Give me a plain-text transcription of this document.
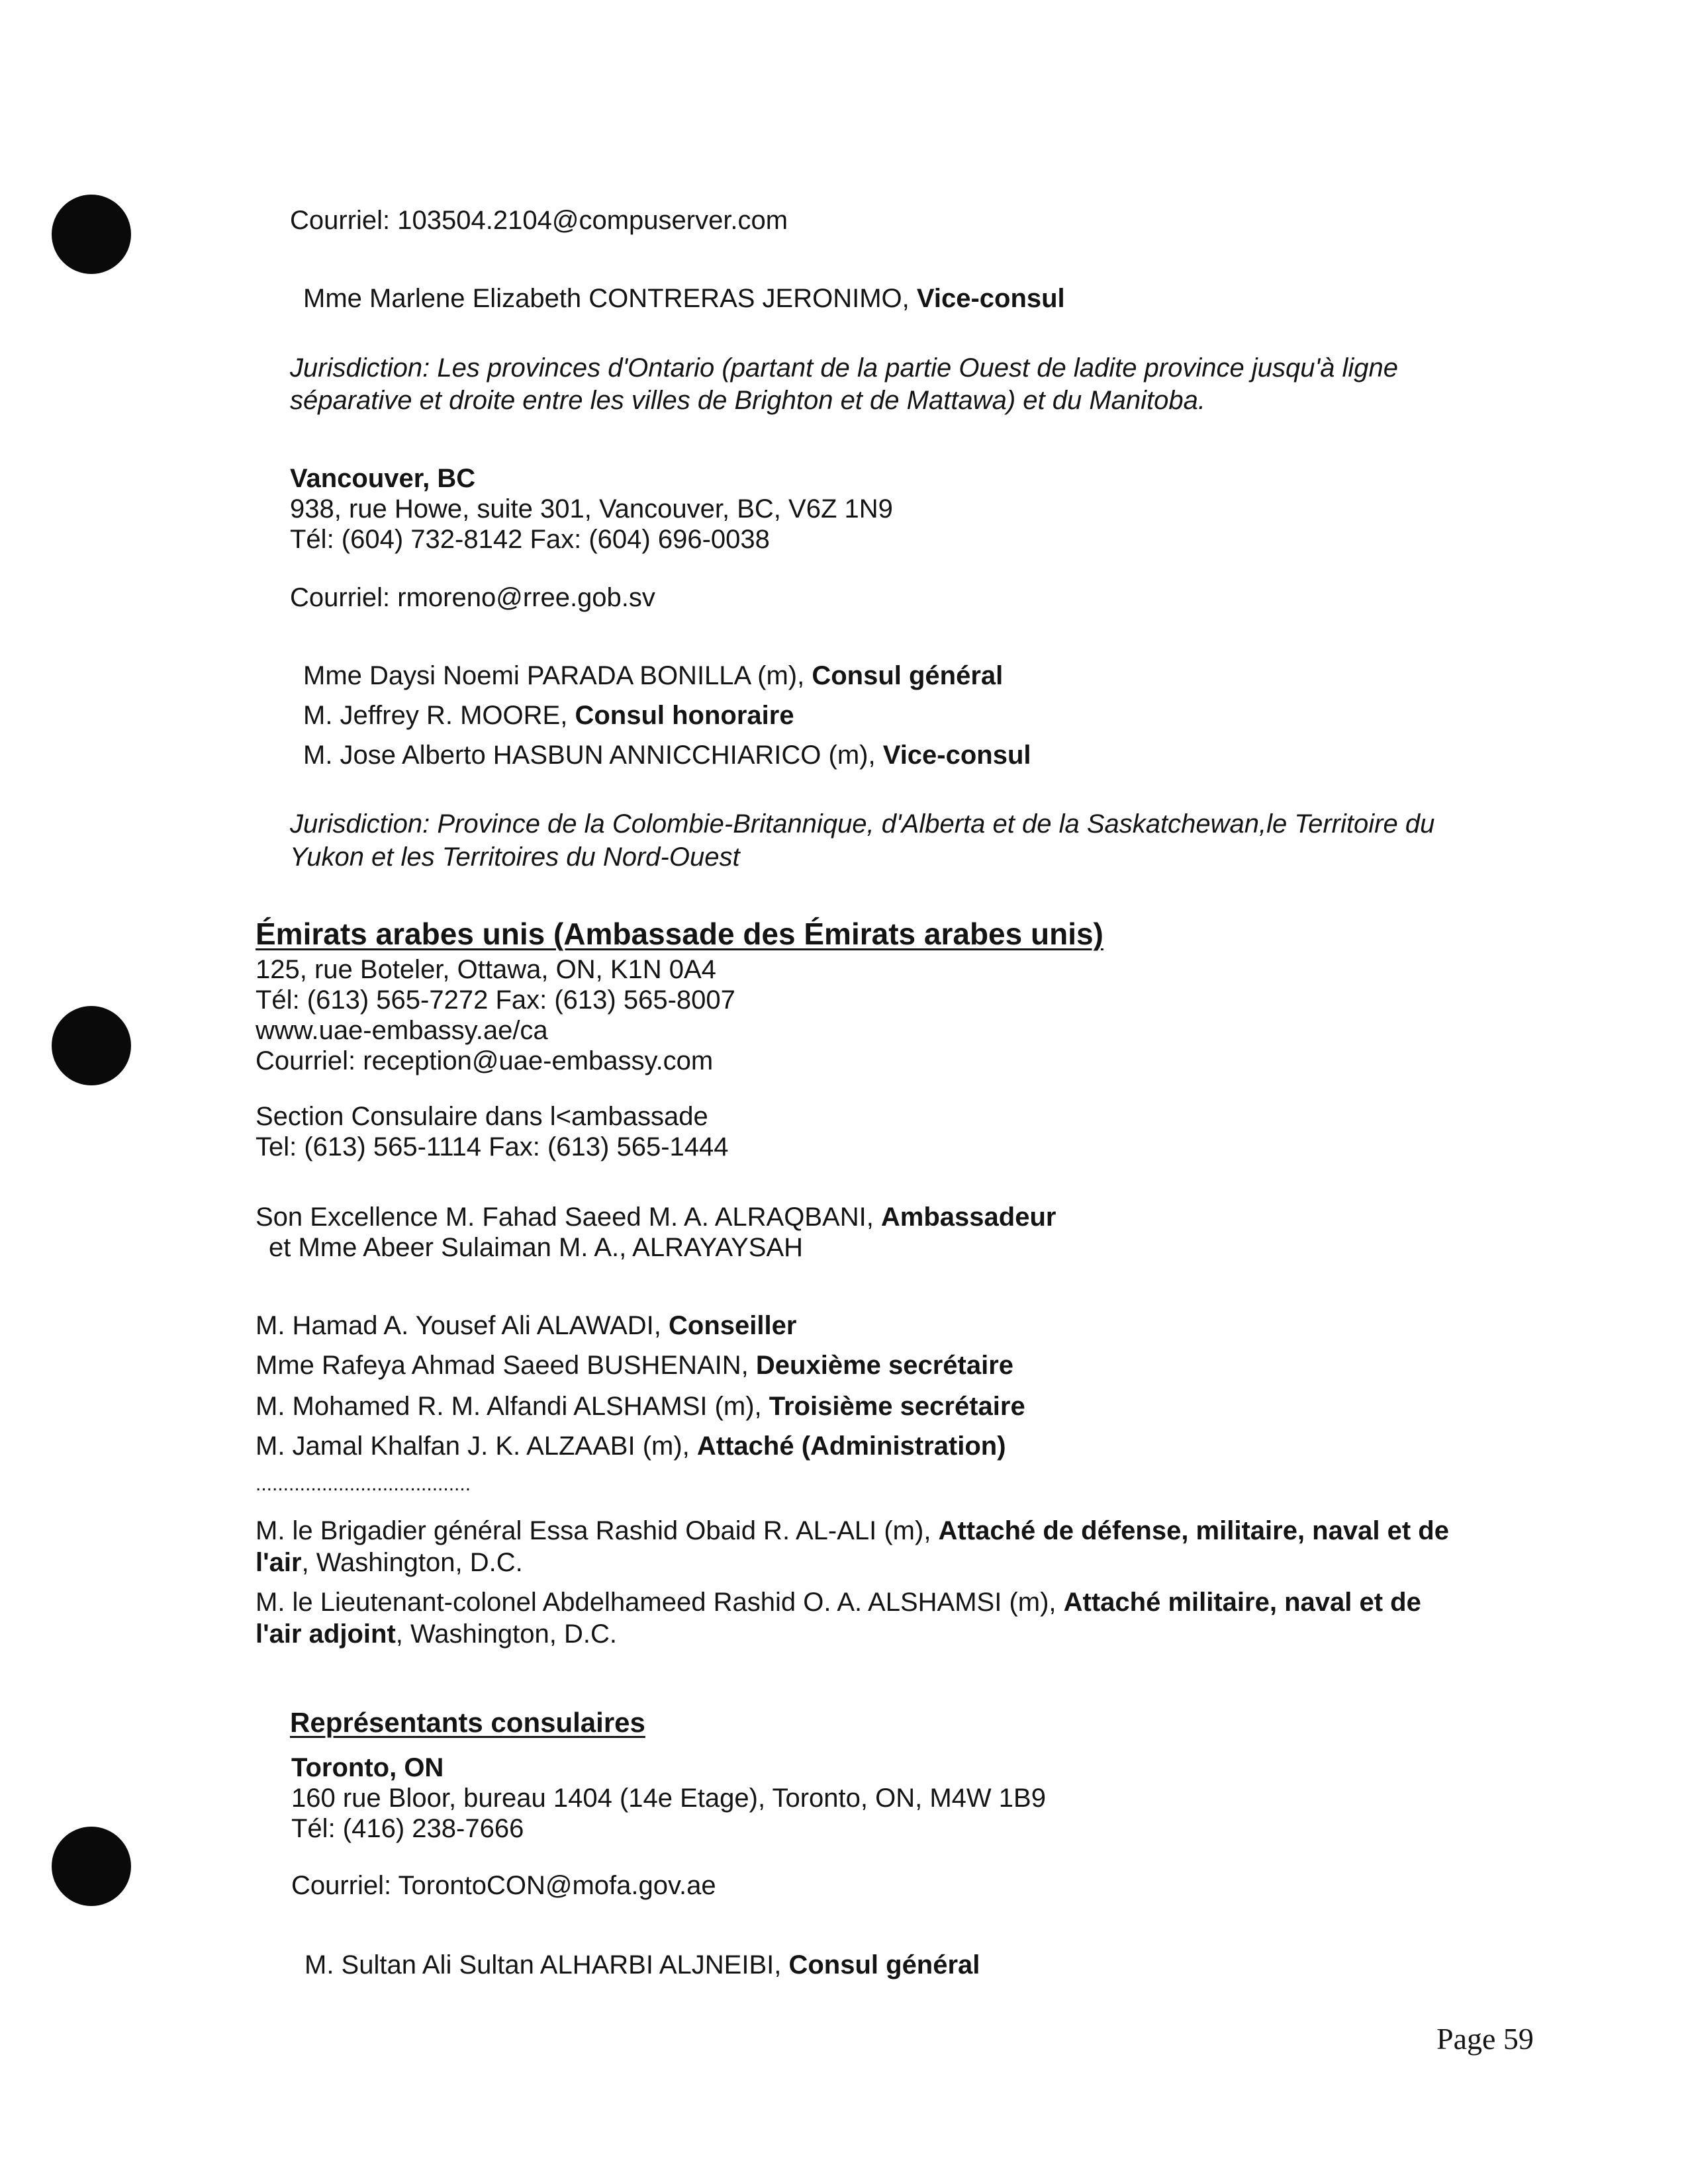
Courriel: 103504.2104@compuserver.com
Mme Marlene Elizabeth CONTRERAS JERONIMO, Vice-consul
Jurisdiction: Les provinces d'Ontario (partant de la partie Ouest de ladite province jusqu'à ligne
séparative et droite entre les villes de Brighton et de Mattawa) et du Manitoba.
Vancouver, BC
938, rue Howe, suite 301, Vancouver, BC, V6Z 1N9
Tél: (604) 732-8142 Fax: (604) 696-0038
Courriel: rmoreno@rree.gob.sv
Mme Daysi Noemi PARADA BONILLA (m), Consul général
M. Jeffrey R. MOORE, Consul honoraire
M. Jose Alberto HASBUN ANNICCHIARICO (m), Vice-consul
Jurisdiction: Province de la Colombie-Britannique, d'Alberta et de la Saskatchewan,le Territoire du
Yukon et les Territoires du Nord-Ouest
Émirats arabes unis (Ambassade des Émirats arabes unis)
125, rue Boteler, Ottawa, ON, K1N 0A4
Tél: (613) 565-7272 Fax: (613) 565-8007
www.uae-embassy.ae/ca
Courriel: reception@uae-embassy.com
Section Consulaire dans l<ambassade
Tel: (613) 565-1114 Fax: (613) 565-1444
Son Excellence M. Fahad Saeed M. A. ALRAQBANI, Ambassadeur
et Mme Abeer Sulaiman M. A., ALRAYAYSAH
M. Hamad A. Yousef Ali ALAWADI, Conseiller
Mme Rafeya Ahmad Saeed BUSHENAIN, Deuxième secrétaire
M. Mohamed R. M. Alfandi ALSHAMSI (m), Troisième secrétaire
M. Jamal Khalfan J. K. ALZAABI (m), Attaché (Administration)
.......................................
M. le Brigadier général Essa Rashid Obaid R. AL-ALI (m), Attaché de défense, militaire, naval et de
l'air, Washington, D.C.
M. le Lieutenant-colonel Abdelhameed Rashid O. A. ALSHAMSI (m), Attaché militaire, naval et de
l'air adjoint, Washington, D.C.
Représentants consulaires
Toronto, ON
160 rue Bloor, bureau 1404 (14e Etage), Toronto, ON, M4W 1B9
Tél: (416) 238-7666
Courriel: TorontoCON@mofa.gov.ae
M. Sultan Ali Sultan ALHARBI ALJNEIBI, Consul général
Page 59
